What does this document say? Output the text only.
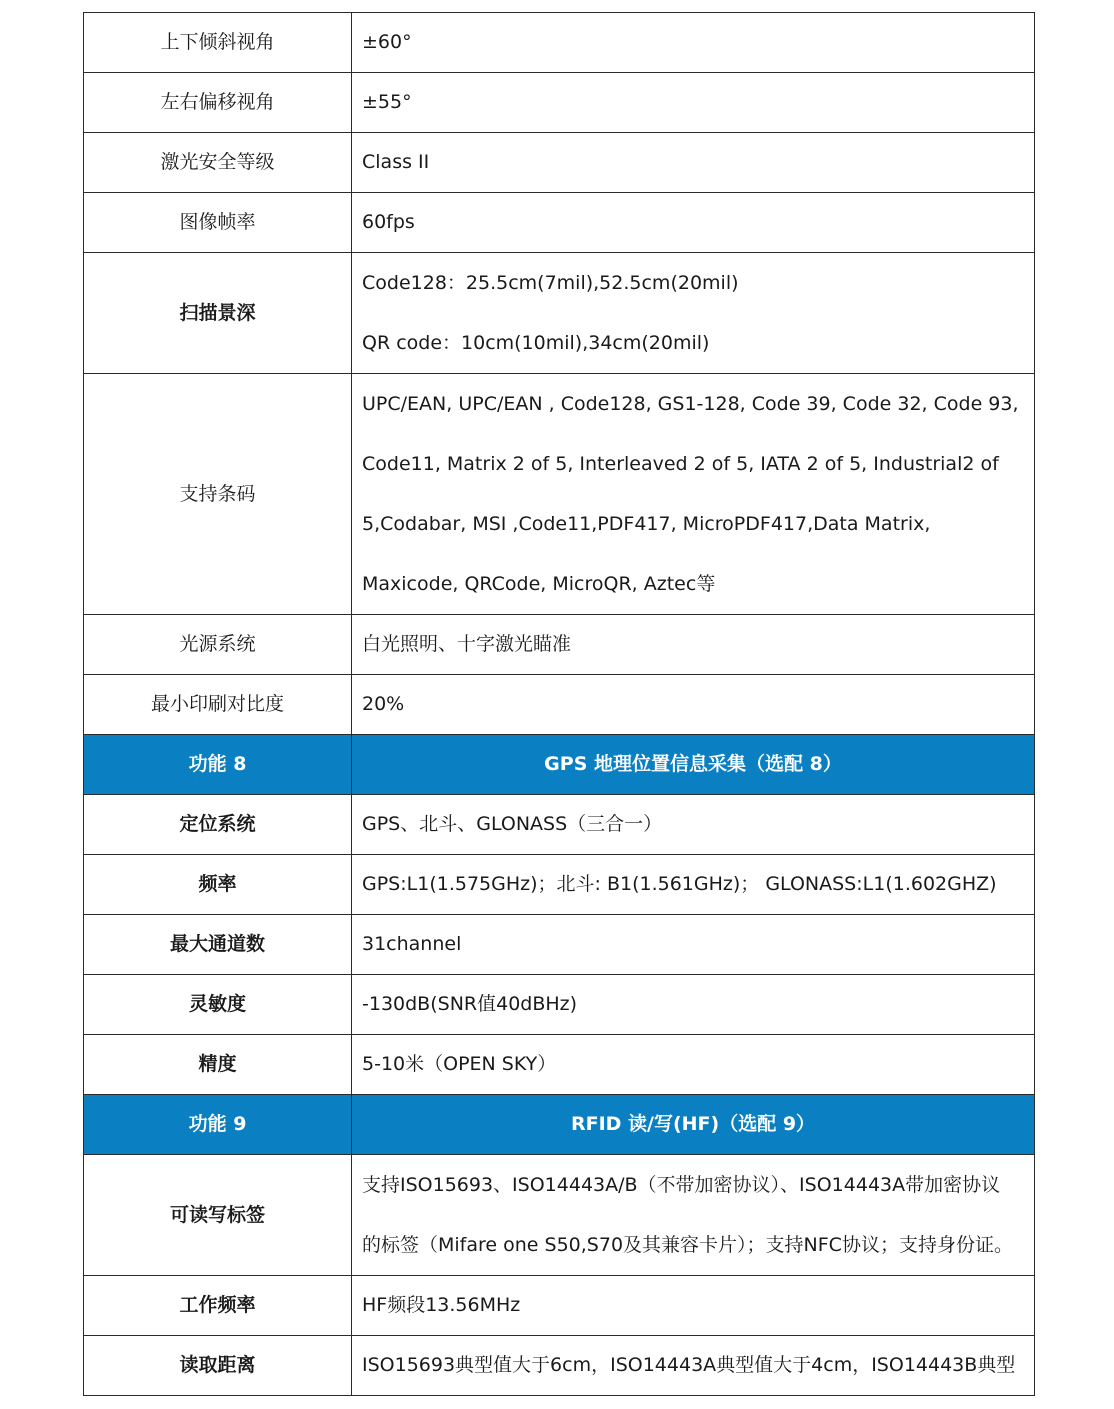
上下倾斜视角	±60°
左右偏移视角	±55°
激光安全等级	Class II
图像帧率	60fps
扫描景深	Code128：25.5cm(7mil),52.5cm(20mil)
QR code：10cm(10mil),34cm(20mil)

支持条码	UPC/EAN, UPC/EAN , Code128, GS1-128, Code 39, Code 32, Code 93,
Code11, Matrix 2 of 5, Interleaved 2 of 5, IATA 2 of 5, Industrial2 of
5,Codabar, MSI ,Code11,PDF417, MicroPDF417,Data Matrix,
Maxicode, QRCode, MicroQR, Aztec等

光源系统	白光照明、十字激光瞄准
最小印刷对比度	20%
功能 8	GPS 地理位置信息采集（选配 8）
定位系统	GPS、北斗、GLONASS（三合一）
频率	GPS:L1(1.575GHz)；北斗: B1(1.561GHz)； GLONASS:L1(1.602GHZ)
最大通道数	31channel
灵敏度	-130dB(SNR值40dBHz)
精度	5-10米（OPEN SKY）
功能 9	RFID 读/写(HF)（选配 9）
可读写标签	支持ISO15693、ISO14443A/B（不带加密协议）、ISO14443A带加密协议
的标签（Mifare one S50,S70及其兼容卡片）；支持NFC协议；支持身份证。

工作频率	HF频段13.56MHz
读取距离	ISO15693典型值大于6cm，ISO14443A典型值大于4cm，ISO14443B典型
